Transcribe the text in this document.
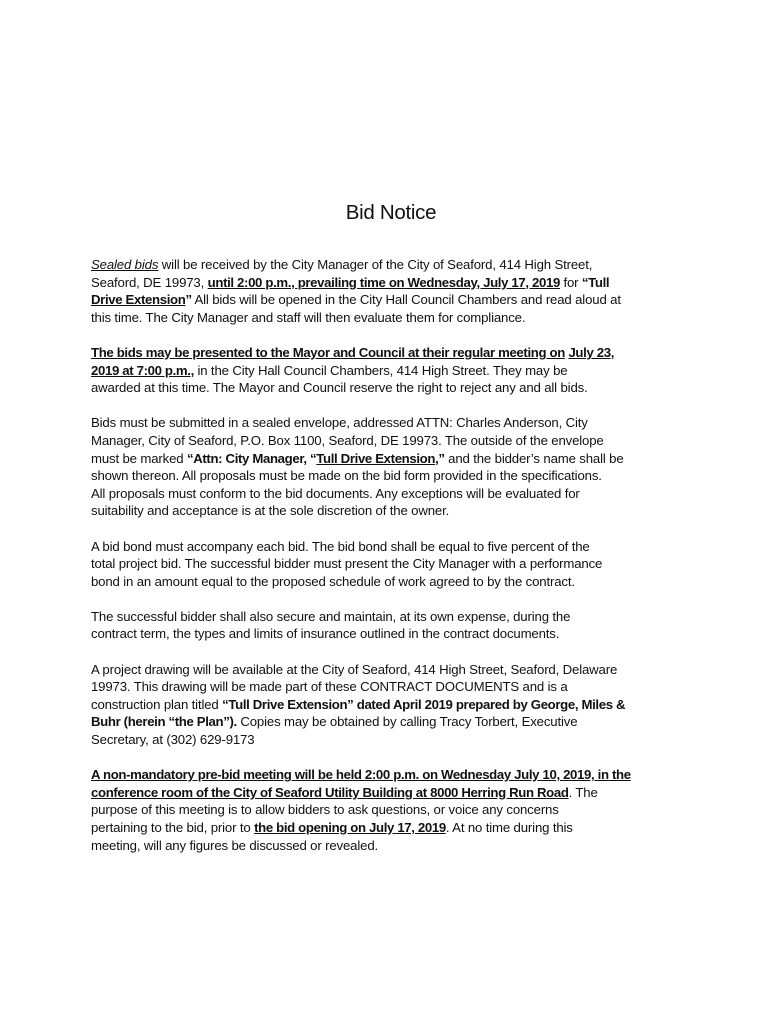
Bid Notice
Sealed bids will be received by the City Manager of the City of Seaford, 414 High Street,
Seaford, DE 19973, until 2:00 p.m., prevailing time on Wednesday, July 17, 2019 for “Tull
Drive Extension” All bids will be opened in the City Hall Council Chambers and read aloud at
this time. The City Manager and staff will then evaluate them for compliance.
The bids may be presented to the Mayor and Council at their regular meeting on July 23,
2019 at 7:00 p.m., in the City Hall Council Chambers, 414 High Street. They may be
awarded at this time. The Mayor and Council reserve the right to reject any and all bids.
Bids must be submitted in a sealed envelope, addressed ATTN: Charles Anderson, City
Manager, City of Seaford, P.O. Box 1100, Seaford, DE 19973. The outside of the envelope
must be marked “Attn: City Manager, “Tull Drive Extension,” and the bidder’s name shall be
shown thereon. All proposals must be made on the bid form provided in the specifications.
All proposals must conform to the bid documents. Any exceptions will be evaluated for
suitability and acceptance is at the sole discretion of the owner.
A bid bond must accompany each bid. The bid bond shall be equal to five percent of the
total project bid. The successful bidder must present the City Manager with a performance
bond in an amount equal to the proposed schedule of work agreed to by the contract.
The successful bidder shall also secure and maintain, at its own expense, during the
contract term, the types and limits of insurance outlined in the contract documents.
A project drawing will be available at the City of Seaford, 414 High Street, Seaford, Delaware
19973. This drawing will be made part of these CONTRACT DOCUMENTS and is a
construction plan titled “Tull Drive Extension” dated April 2019 prepared by George, Miles &
Buhr (herein “the Plan”). Copies may be obtained by calling Tracy Torbert, Executive
Secretary, at (302) 629-9173
A non-mandatory pre-bid meeting will be held 2:00 p.m. on Wednesday July 10, 2019, in the
conference room of the City of Seaford Utility Building at 8000 Herring Run Road. The
purpose of this meeting is to allow bidders to ask questions, or voice any concerns
pertaining to the bid, prior to the bid opening on July 17, 2019. At no time during this
meeting, will any figures be discussed or revealed.
